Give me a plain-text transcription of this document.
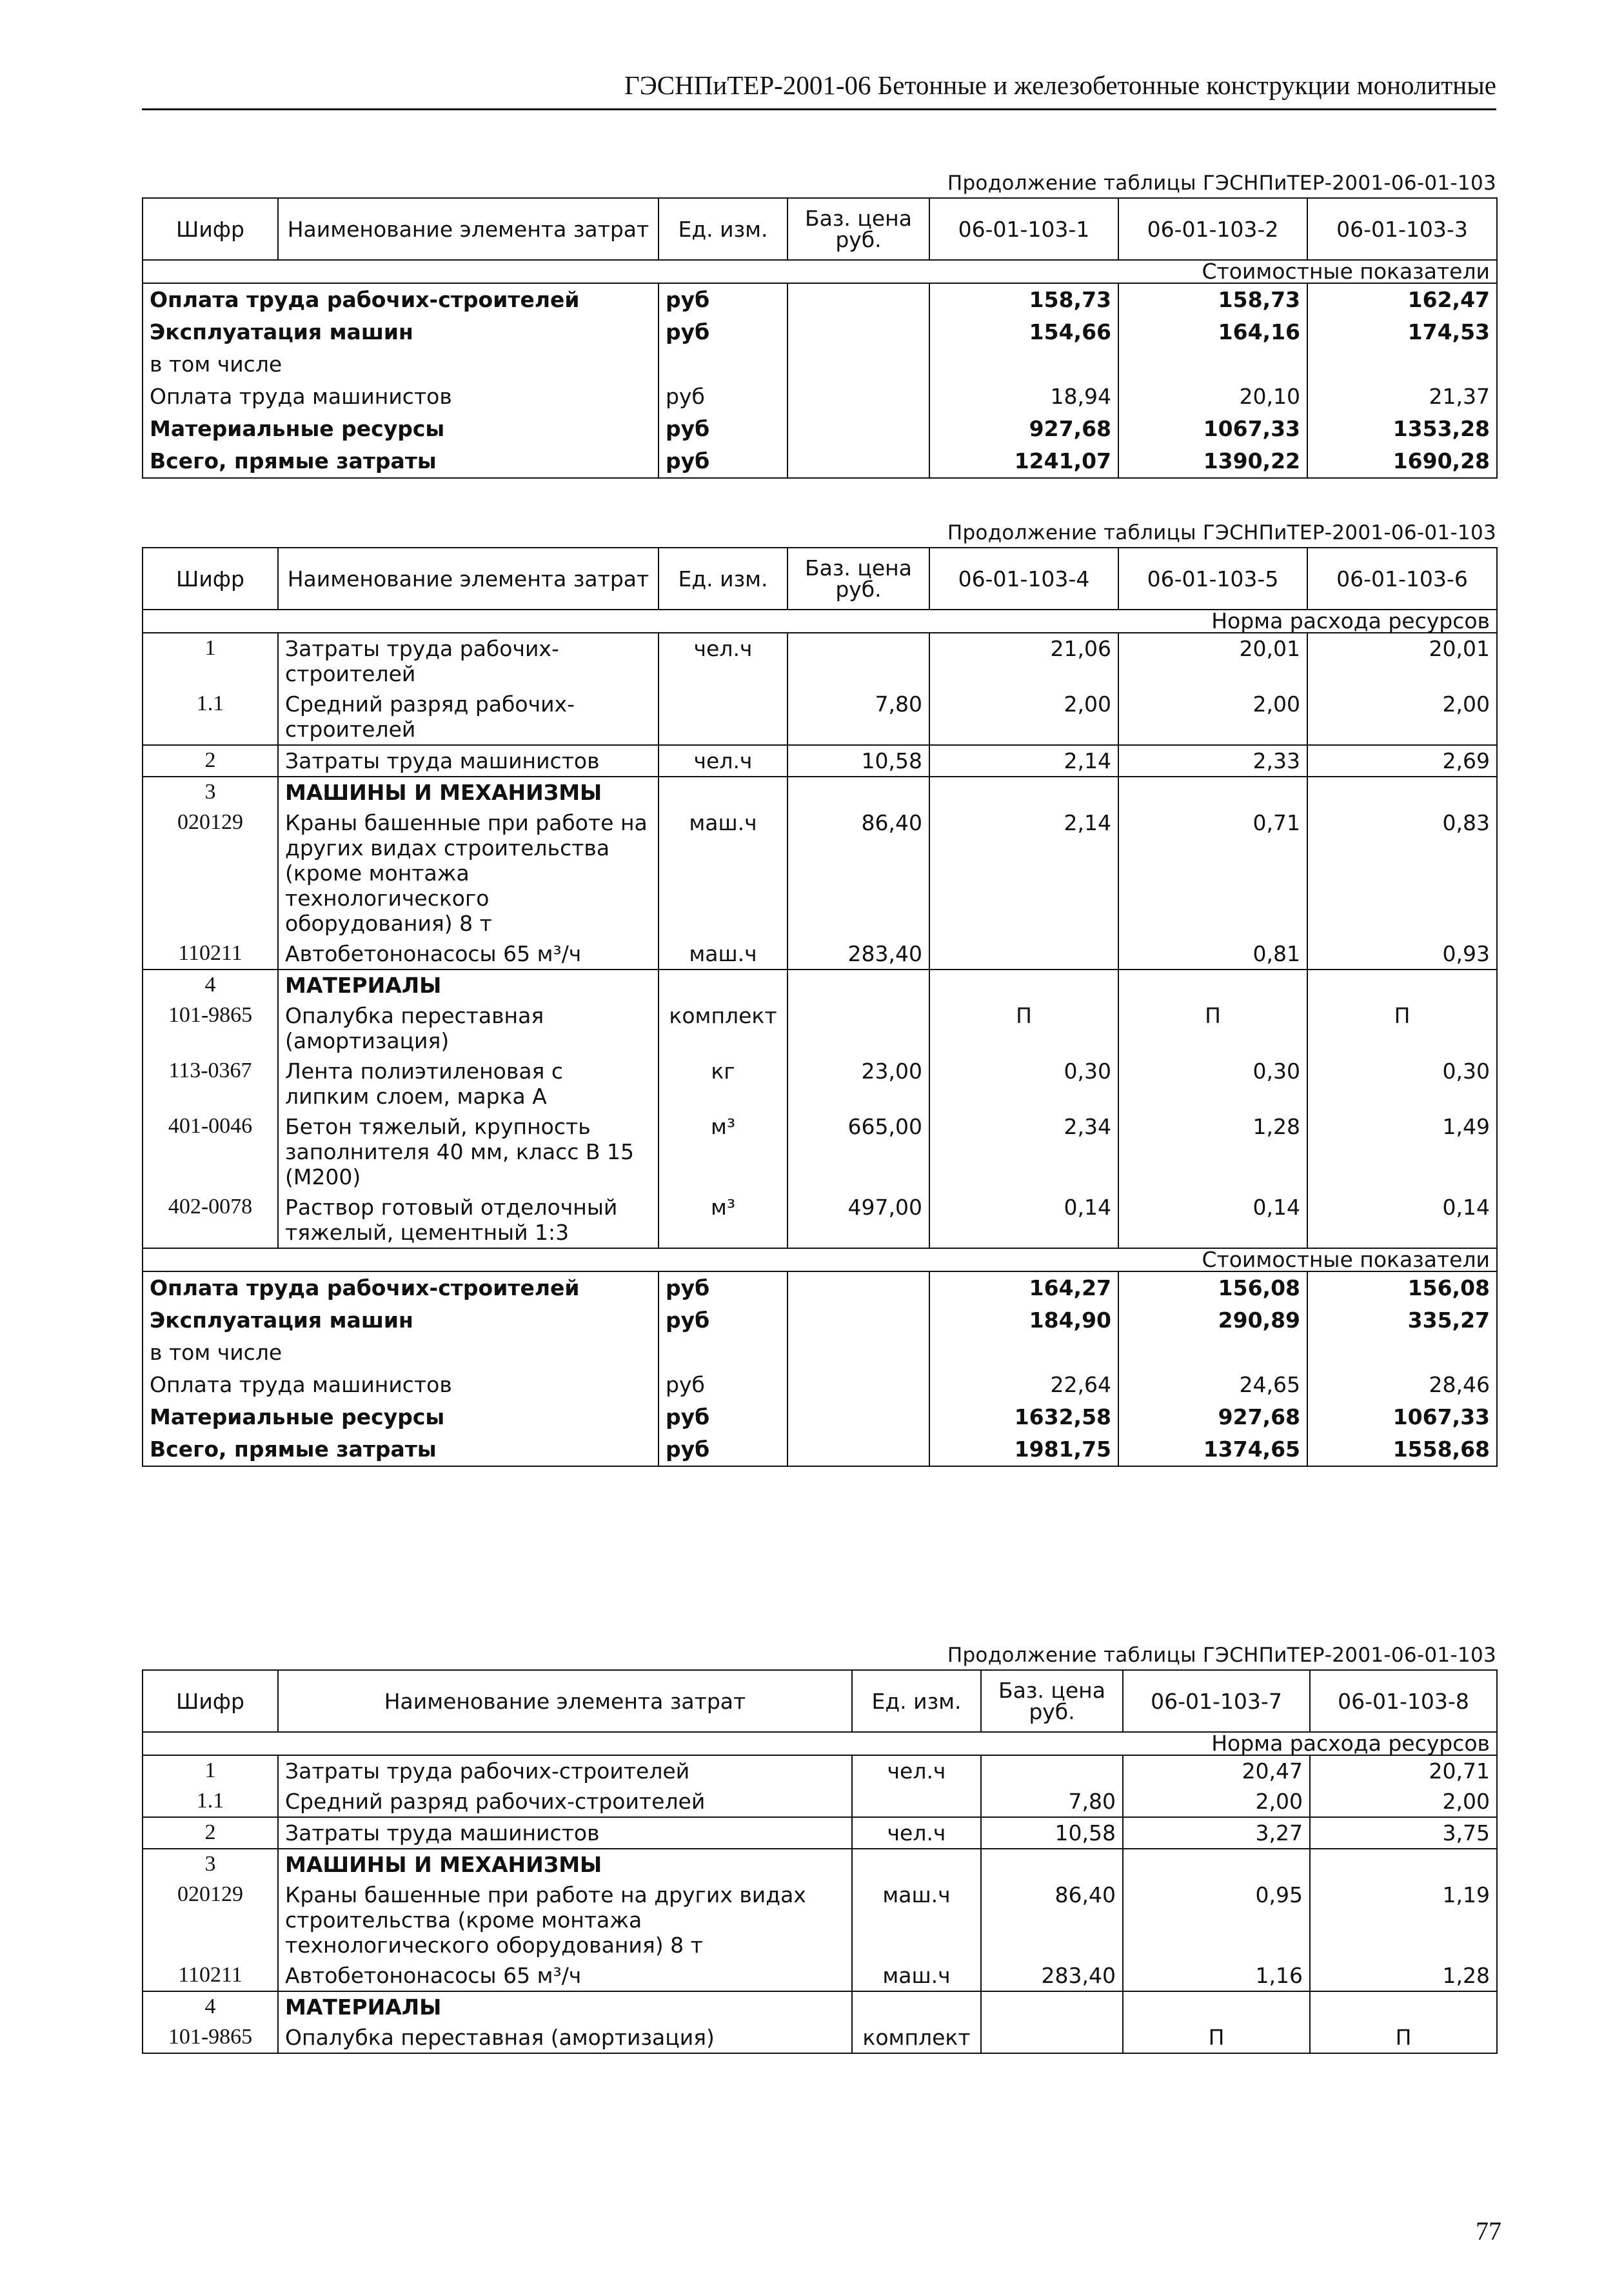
ГЭСНПиТЕР-2001-06 Бетонные и железобетонные конструкции монолитные
Продолжение таблицы ГЭСНПиТЕР-2001-06-01-103
Шифр	Наименование элемента затрат	Ед. изм.	Баз. цена руб.	06-01-103-1	06-01-103-2	06-01-103-3
Стоимостные показатели						
Оплата труда рабочих-строителей		руб		158,73	158,73	162,47
Эксплуатация машин		руб		154,66	164,16	174,53
в том числе						
Оплата труда машинистов		руб		18,94	20,10	21,37
Материальные ресурсы		руб		927,68	1067,33	1353,28
Всего, прямые затраты		руб		1241,07	1390,22	1690,28
Продолжение таблицы ГЭСНПиТЕР-2001-06-01-103
Шифр	Наименование элемента затрат	Ед. изм.	Баз. цена руб.	06-01-103-4	06-01-103-5	06-01-103-6
Норма расхода ресурсов						
1	Затраты труда рабочих-строителей	чел.ч		21,06	20,01	20,01
1.1	Средний разряд рабочих-строителей		7,80	2,00	2,00	2,00
2	Затраты труда машинистов	чел.ч	10,58	2,14	2,33	2,69
3	МАШИНЫ И МЕХАНИЗМЫ					
020129	Краны башенные при работе на других видах строительства (кроме монтажа технологического оборудования) 8 т	маш.ч	86,40	2,14	0,71	0,83
110211	Автобетононасосы 65 м³/ч	маш.ч	283,40		0,81	0,93
4	МАТЕРИАЛЫ					
101-9865	Опалубка переставная (амортизация)	комплект		П	П	П
113-0367	Лента полиэтиленовая с липким слоем, марка А	кг	23,00	0,30	0,30	0,30
401-0046	Бетон тяжелый, крупность заполнителя 40 мм, класс В 15 (М200)	м³	665,00	2,34	1,28	1,49
402-0078	Раствор готовый отделочный тяжелый, цементный 1:3	м³	497,00	0,14	0,14	0,14
Стоимостные показатели						
Оплата труда рабочих-строителей		руб		164,27	156,08	156,08
Эксплуатация машин		руб		184,90	290,89	335,27
в том числе						
Оплата труда машинистов		руб		22,64	24,65	28,46
Материальные ресурсы		руб		1632,58	927,68	1067,33
Всего, прямые затраты		руб		1981,75	1374,65	1558,68
Продолжение таблицы ГЭСНПиТЕР-2001-06-01-103
Шифр	Наименование элемента затрат	Ед. изм.	Баз. цена руб.	06-01-103-7	06-01-103-8
Норма расхода ресурсов					
1	Затраты труда рабочих-строителей	чел.ч		20,47	20,71
1.1	Средний разряд рабочих-строителей		7,80	2,00	2,00
2	Затраты труда машинистов	чел.ч	10,58	3,27	3,75
3	МАШИНЫ И МЕХАНИЗМЫ				
020129	Краны башенные при работе на других видах строительства (кроме монтажа технологического оборудования) 8 т	маш.ч	86,40	0,95	1,19
110211	Автобетононасосы 65 м³/ч	маш.ч	283,40	1,16	1,28
4	МАТЕРИАЛЫ				
101-9865	Опалубка переставная (амортизация)	комплект		П	П
77
